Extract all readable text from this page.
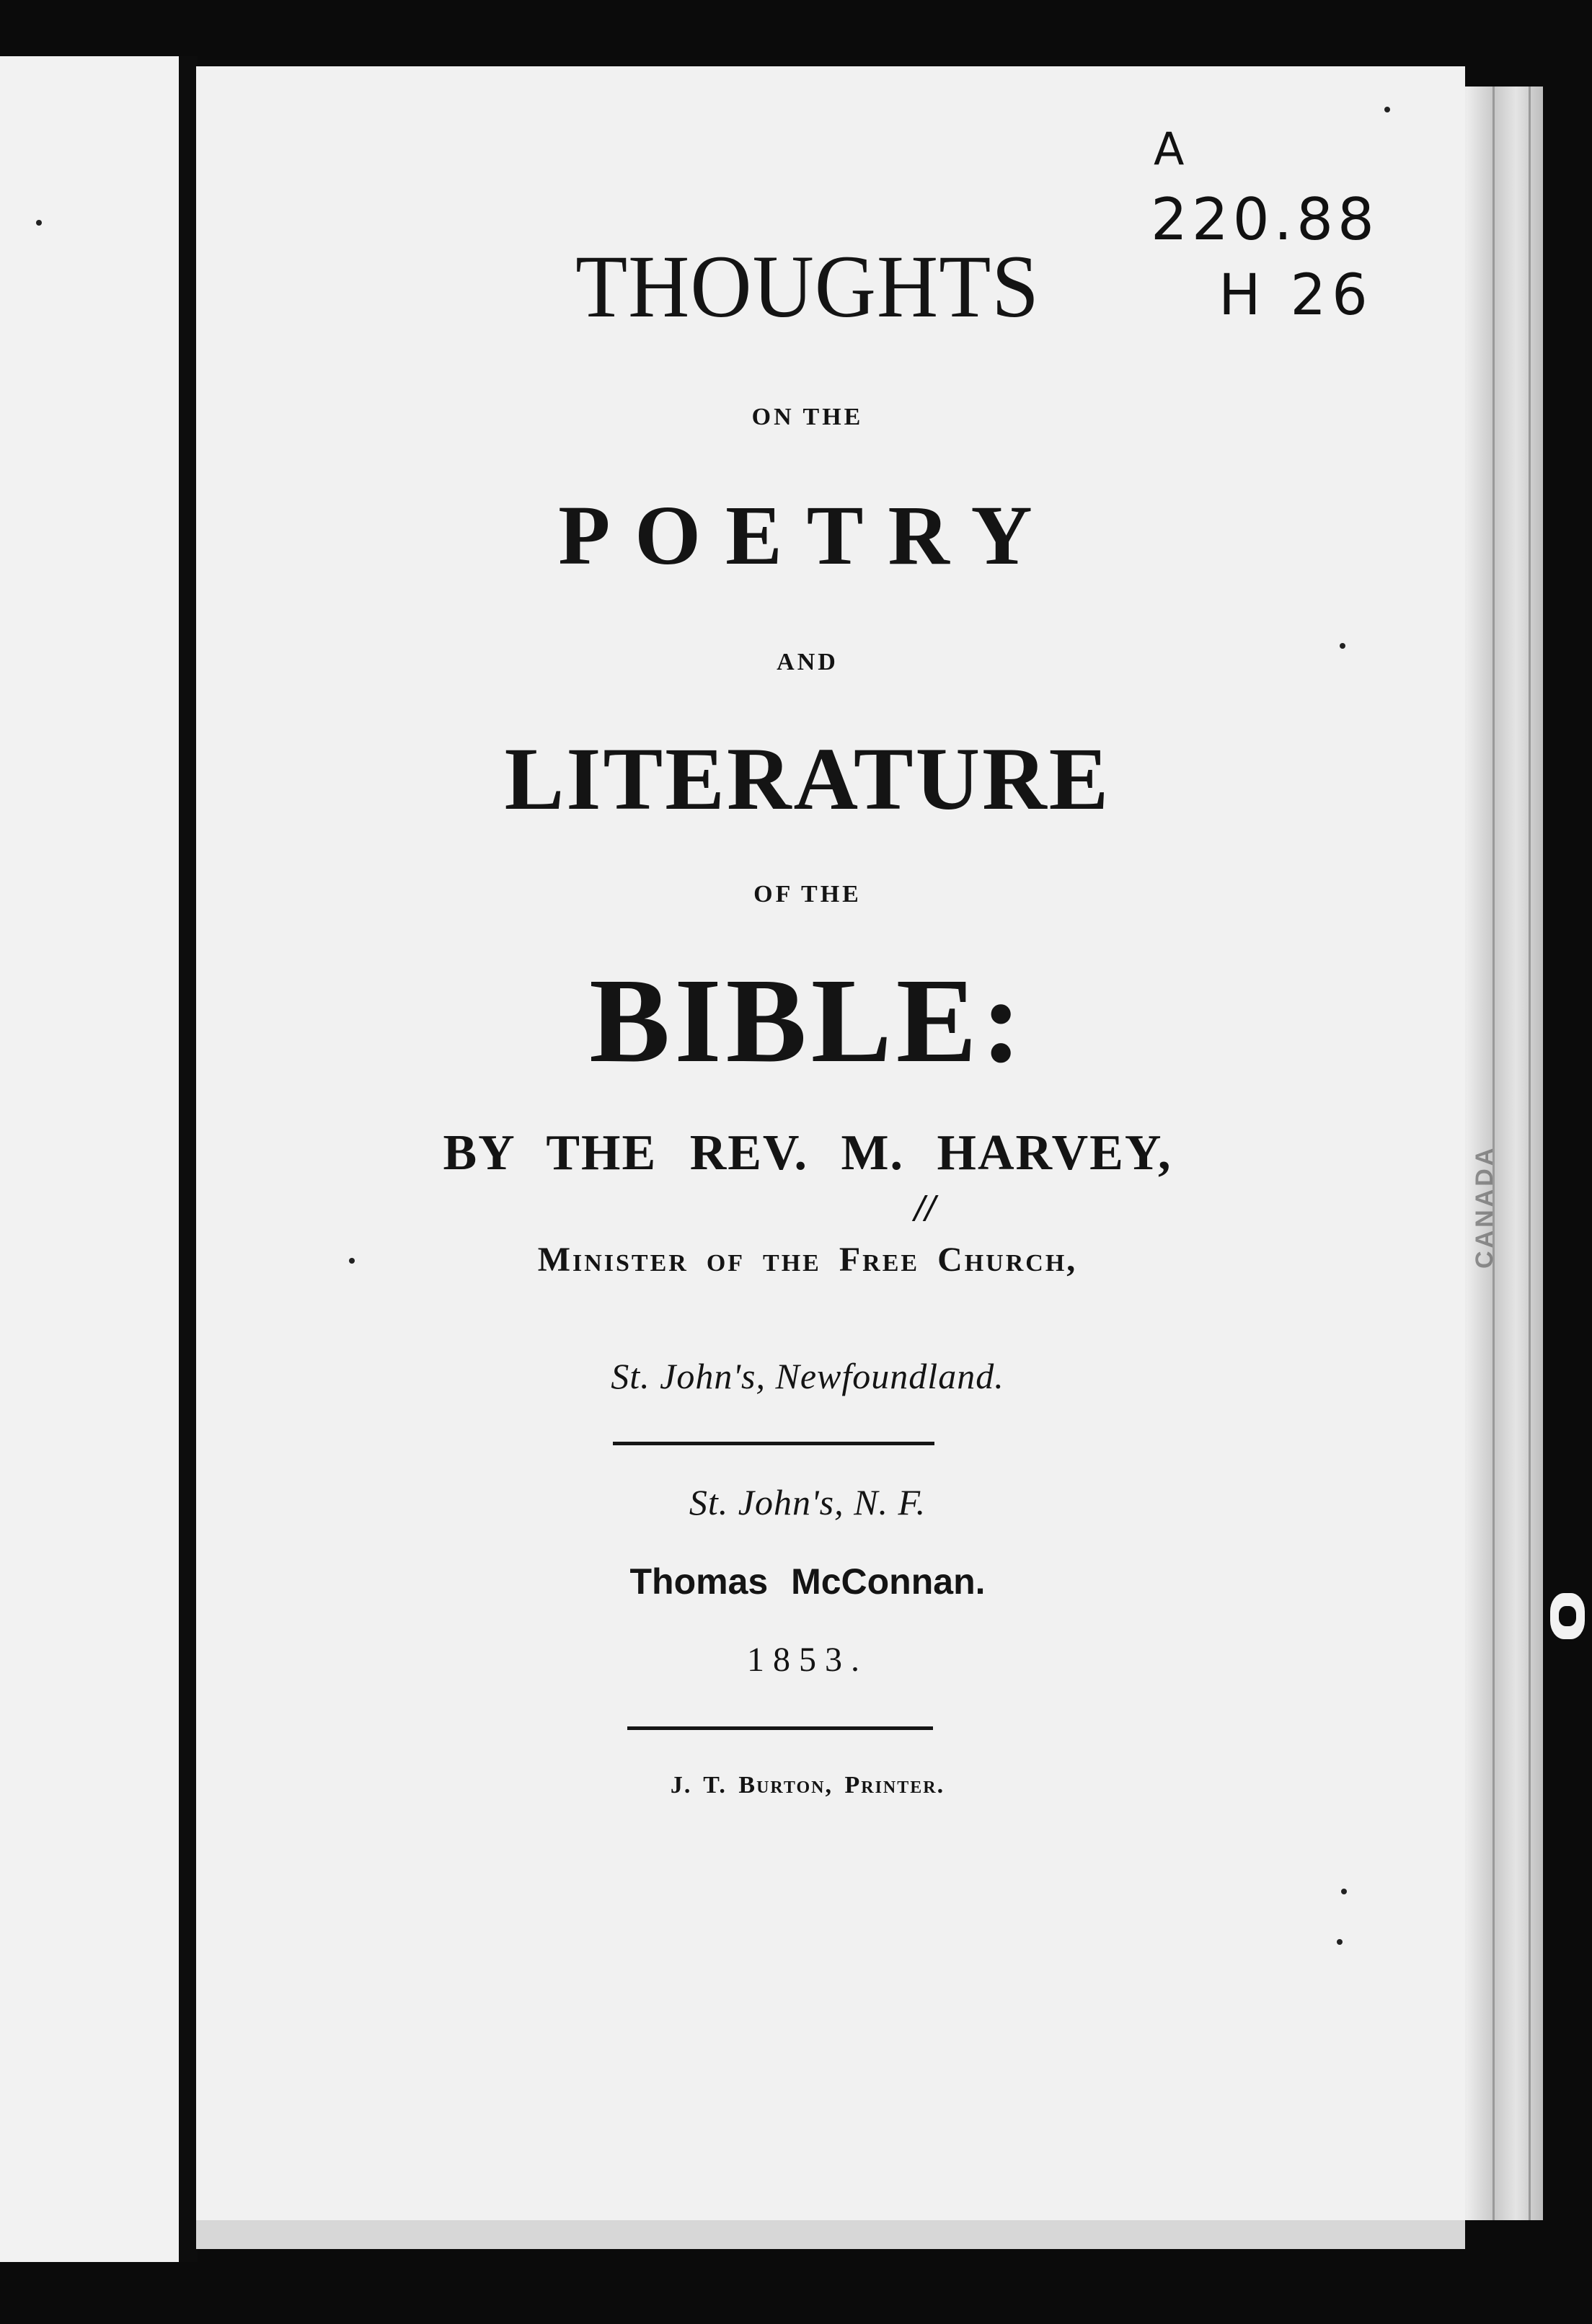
CANADA
A
220.88
H 26
THOUGHTS
ON THE
POETRY
AND
LITERATURE
OF THE
BIBLE:
BY THE REV. M. HARVEY,
//
Minister of the Free Church,
St. John's, Newfoundland.
St. John's, N. F.
Thomas McConnan.
1853.
J. T. Burton, Printer.
